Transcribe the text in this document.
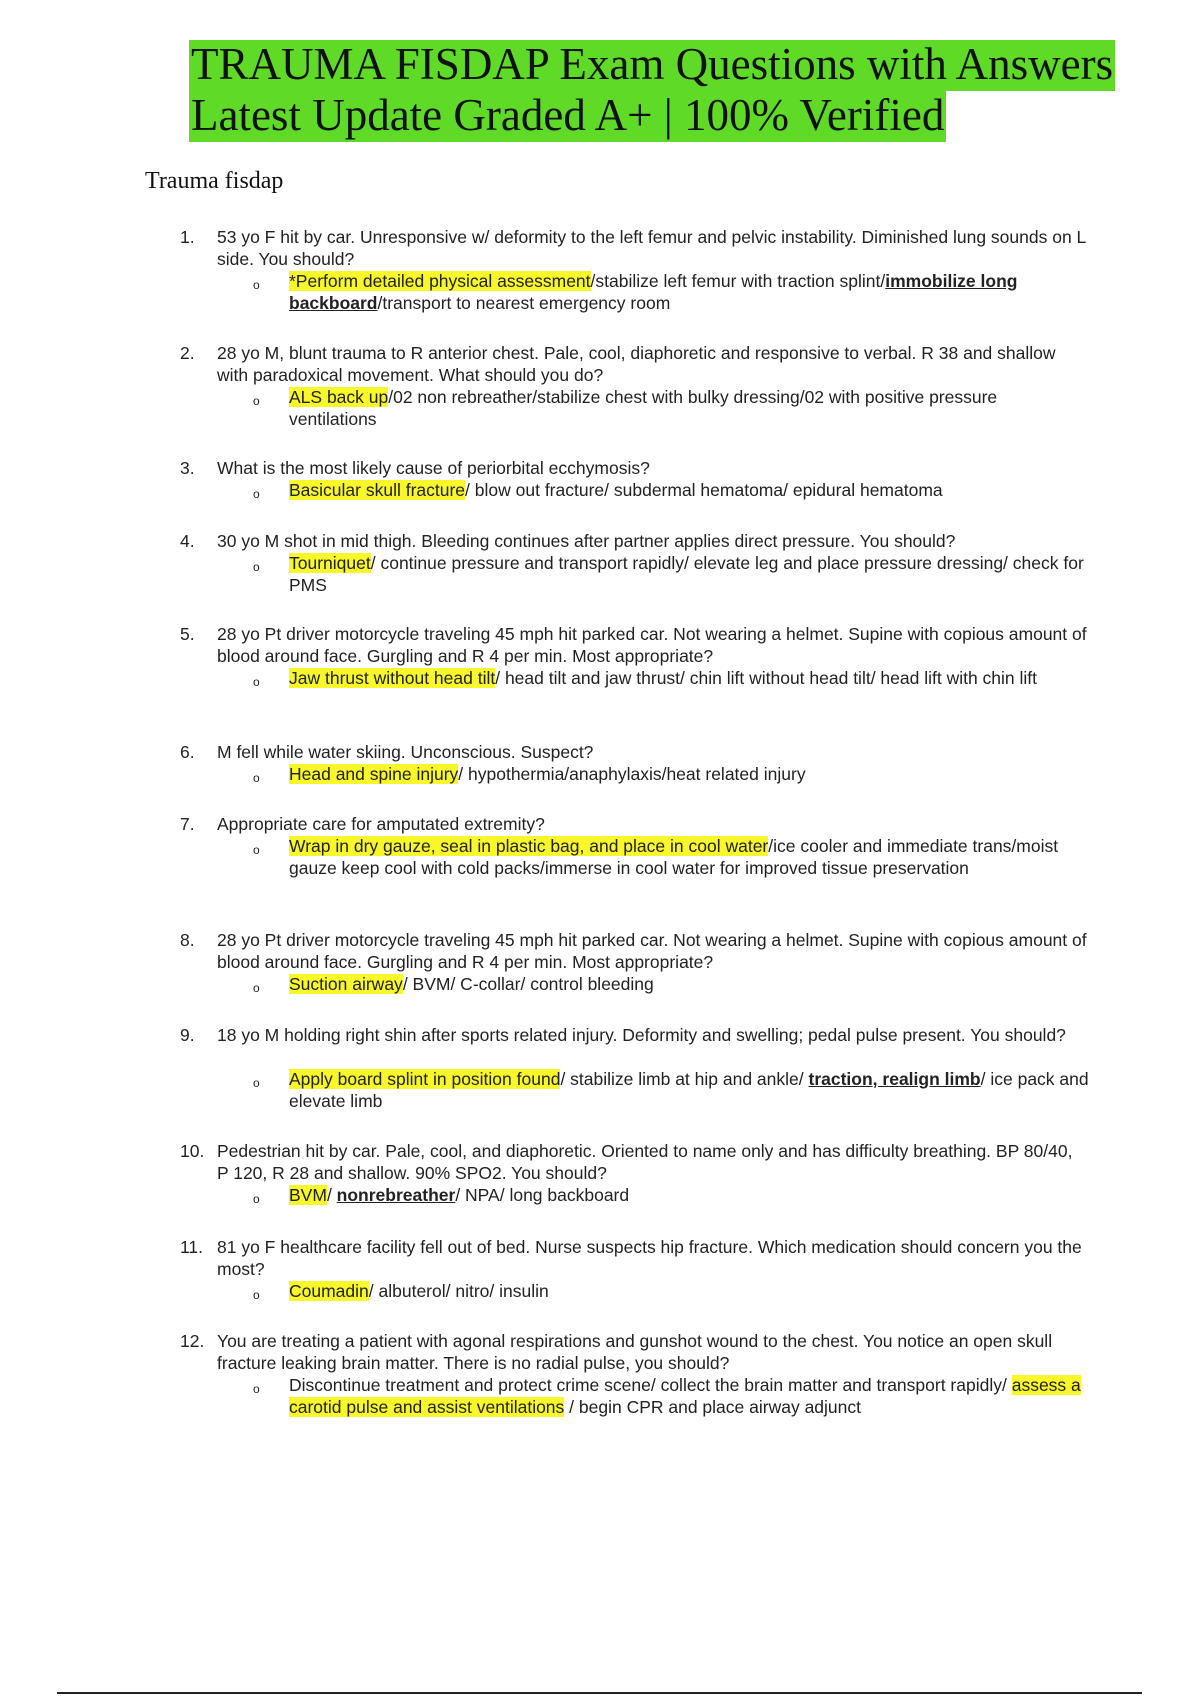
TRAUMA FISDAP Exam Questions with Answers
Latest Update Graded A+ | 100% Verified
Trauma fisdap
1.	53 yo F hit by car. Unresponsive w/ deformity to the left femur and pelvic instability. Diminished lung sounds on L side. You should?
o *Perform detailed physical assessment/stabilize left femur with traction splint/immobilize long backboard/transport to nearest emergency room
2.	28 yo M, blunt trauma to R anterior chest. Pale, cool, diaphoretic and responsive to verbal. R 38 and shallow with paradoxical movement. What should you do?
o ALS back up/02 non rebreather/stabilize chest with bulky dressing/02 with positive pressure ventilations
3.	What is the most likely cause of periorbital ecchymosis?
o Basicular skull fracture/ blow out fracture/ subdermal hematoma/ epidural hematoma
4.	30 yo M shot in mid thigh. Bleeding continues after partner applies direct pressure. You should?
o Tourniquet/ continue pressure and transport rapidly/ elevate leg and place pressure dressing/ check for PMS
5.	28 yo Pt driver motorcycle traveling 45 mph hit parked car. Not wearing a helmet. Supine with copious amount of blood around face. Gurgling and R 4 per min. Most appropriate?
o Jaw thrust without head tilt/ head tilt and jaw thrust/ chin lift without head tilt/ head lift with chin lift
6.	M fell while water skiing. Unconscious. Suspect?
o Head and spine injury/ hypothermia/anaphylaxis/heat related injury
7.	Appropriate care for amputated extremity?
o Wrap in dry gauze, seal in plastic bag, and place in cool water/ice cooler and immediate trans/moist gauze keep cool with cold packs/immerse in cool water for improved tissue preservation
8.	28 yo Pt driver motorcycle traveling 45 mph hit parked car. Not wearing a helmet. Supine with copious amount of blood around face. Gurgling and R 4 per min. Most appropriate?
o Suction airway/ BVM/ C-collar/ control bleeding
9.	18 yo M holding right shin after sports related injury. Deformity and swelling; pedal pulse present. You should?
o Apply board splint in position found/ stabilize limb at hip and ankle/ traction, realign limb/ ice pack and elevate limb
10. Pedestrian hit by car. Pale, cool, and diaphoretic. Oriented to name only and has difficulty breathing. BP 80/40, P 120, R 28 and shallow. 90% SPO2. You should?
o BVM/ nonrebreather/ NPA/ long backboard
11. 81 yo F healthcare facility fell out of bed. Nurse suspects hip fracture. Which medication should concern you the most?
o Coumadin/ albuterol/ nitro/ insulin
12. You are treating a patient with agonal respirations and gunshot wound to the chest. You notice an open skull fracture leaking brain matter. There is no radial pulse, you should?
o Discontinue treatment and protect crime scene/ collect the brain matter and transport rapidly/ assess a carotid pulse and assist ventilations / begin CPR and place airway adjunct
